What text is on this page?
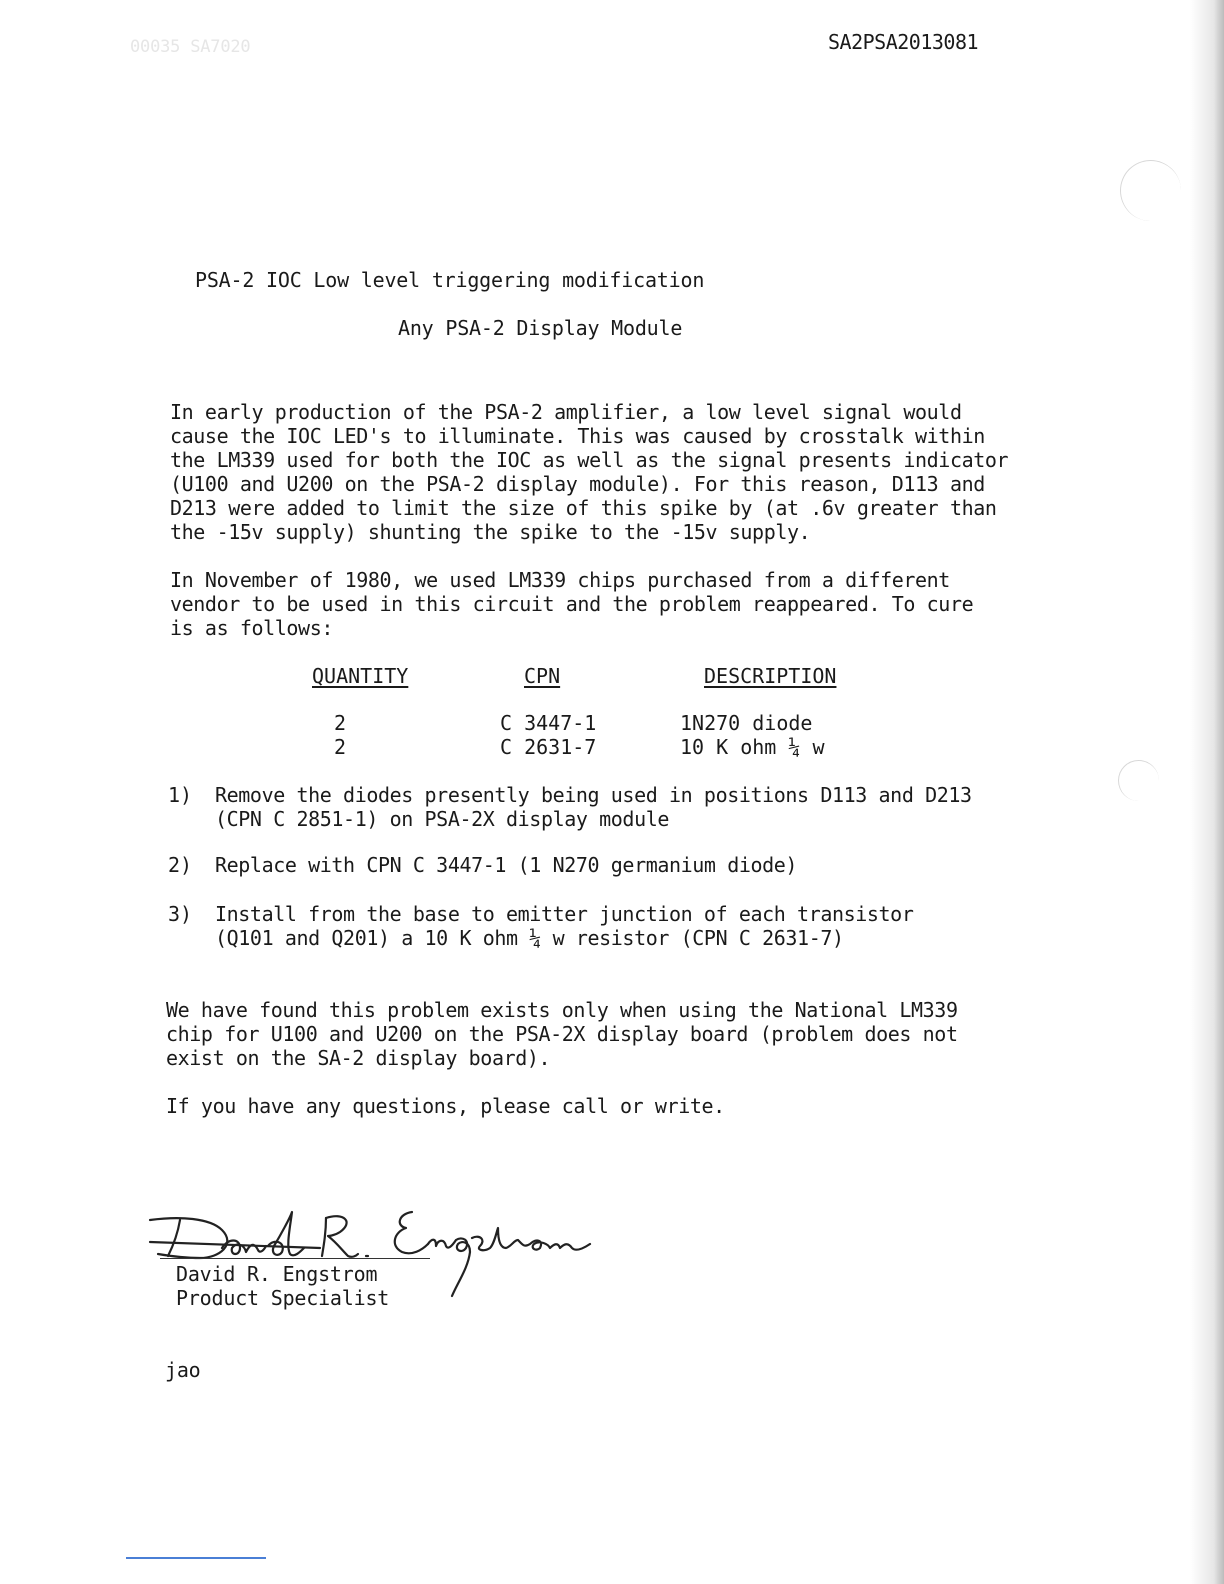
00035 SA7020	SA2PSA2013081
PSA-2 IOC Low level triggering modification
Any PSA-2 Display Module
In early production of the PSA-2 amplifier, a low level signal would
cause the IOC LED's to illuminate. This was caused by crosstalk within
the LM339 used for both the IOC as well as the signal presents indicator
(U100 and U200 on the PSA-2 display module). For this reason, D113 and
D213 were added to limit the size of this spike by (at .6v greater than
the -15v supply) shunting the spike to the -15v supply.
In November of 1980, we used LM339 chips purchased from a different
vendor to be used in this circuit and the problem reappeared. To cure
is as follows:
QUANTITY	CPN	DESCRIPTION
2	C 3447-1	1N270 diode
2	C 2631-7	10 K ohm ¼ w
1) Remove the diodes presently being used in positions D113 and D213
(CPN C 2851-1) on PSA-2X display module
2) Replace with CPN C 3447-1 (1 N270 germanium diode)
3) Install from the base to emitter junction of each transistor
(Q101 and Q201) a 10 K ohm ¼ w resistor (CPN C 2631-7)
We have found this problem exists only when using the National LM339
chip for U100 and U200 on the PSA-2X display board (problem does not
exist on the SA-2 display board).
If you have any questions, please call or write.
David R. Engstrom
Product Specialist
jao
